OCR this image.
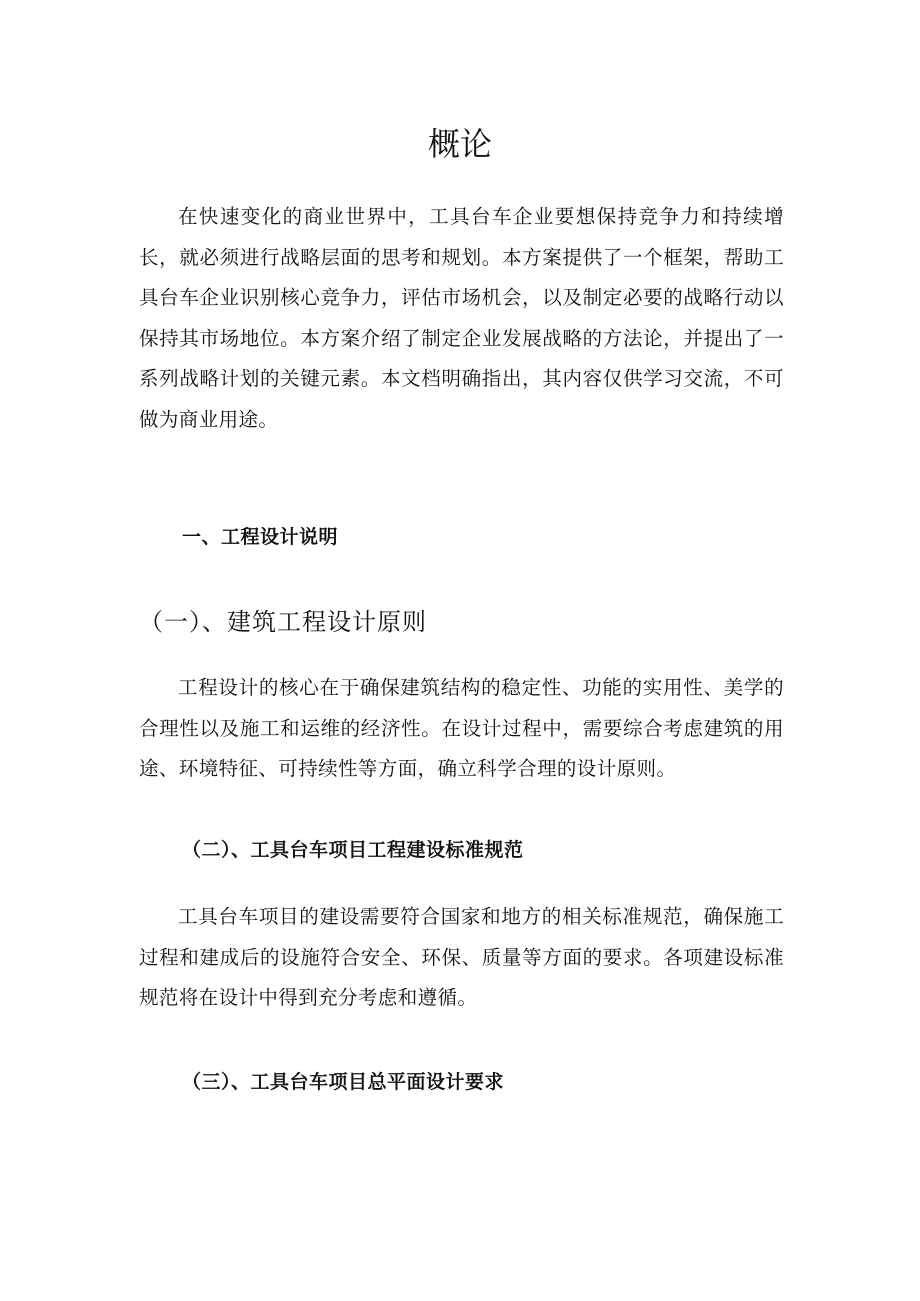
概论

在快速变化的商业世界中，工具台车企业要想保持竞争力和持续增长，就必须进行战略层面的思考和规划。本方案提供了一个框架，帮助工具台车企业识别核心竞争力，评估市场机会，以及制定必要的战略行动以保持其市场地位。本方案介绍了制定企业发展战略的方法论，并提出了一系列战略计划的关键元素。本文档明确指出，其内容仅供学习交流，不可做为商业用途。

一、工程设计说明
（一）、建筑工程设计原则

工程设计的核心在于确保建筑结构的稳定性、功能的实用性、美学的合理性以及施工和运维的经济性。在设计过程中，需要综合考虑建筑的用途、环境特征、可持续性等方面，确立科学合理的设计原则。

（二）、工具台车项目工程建设标准规范

工具台车项目的建设需要符合国家和地方的相关标准规范，确保施工过程和建成后的设施符合安全、环保、质量等方面的要求。各项建设标准规范将在设计中得到充分考虑和遵循。

（三）、工具台车项目总平面设计要求
